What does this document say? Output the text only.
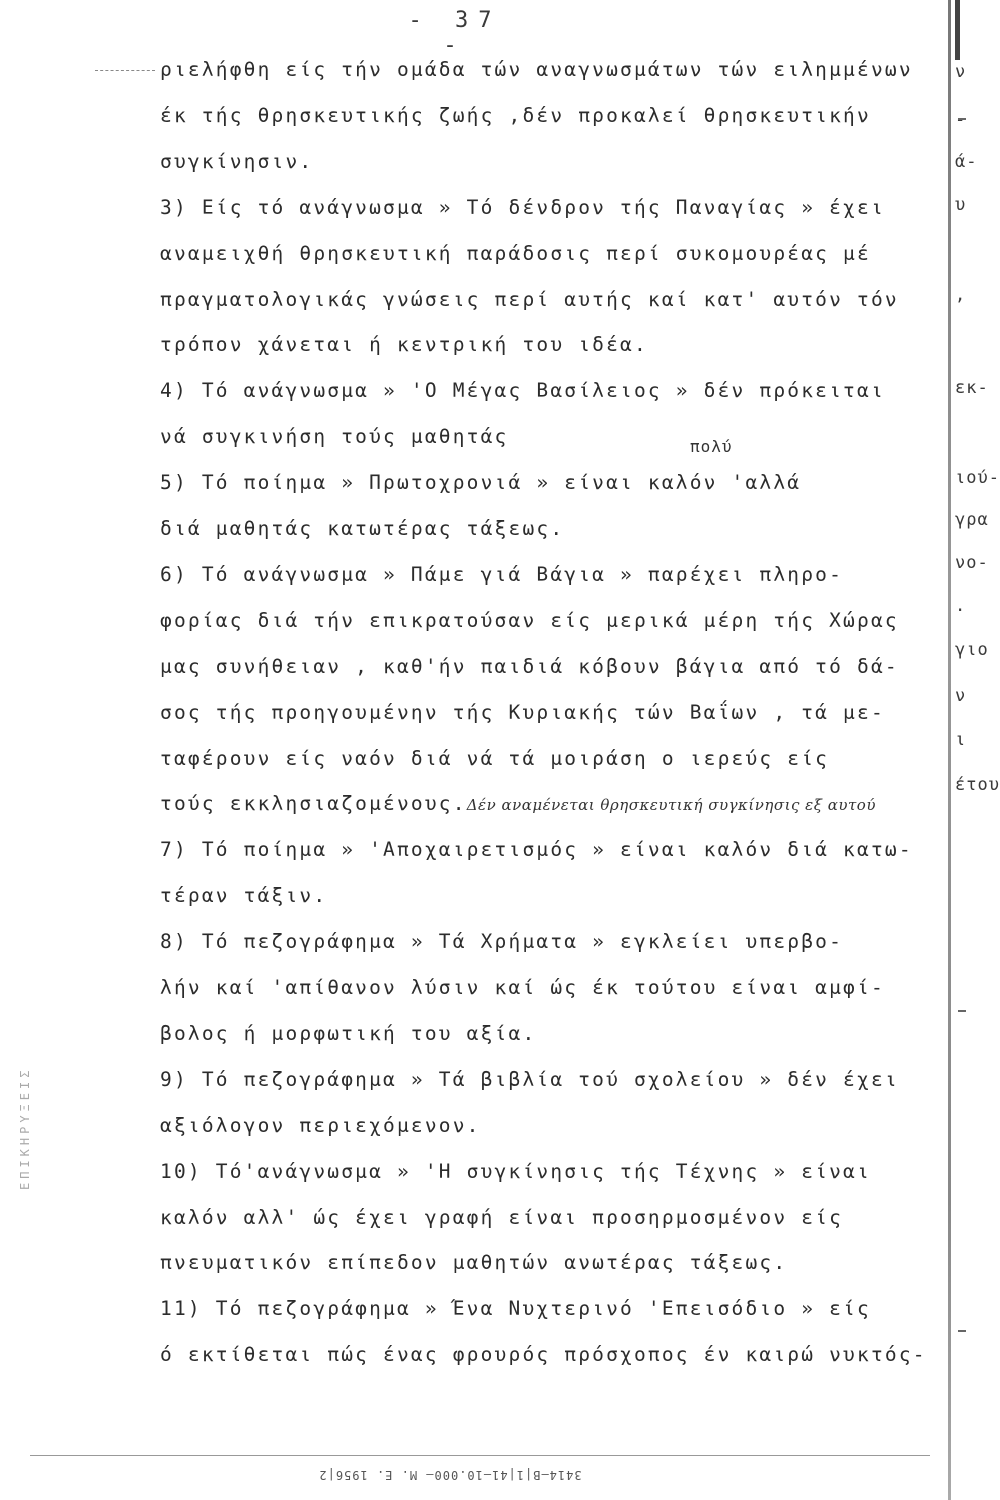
- 37 -
πολύ
ριελήφθη είς τήν ομάδα τών αναγνωσμάτων τών ειλημμένων
έκ τής θρησκευτικής ζωής ,δέν προκαλεί θρησκευτικήν
συγκίνησιν.
3) Είς τό ανάγνωσμα » Τό δένδρον τής Παναγίας » έχει
αναμειχθή θρησκευτική παράδοσις περί συκομουρέας μέ
πραγματολογικάς γνώσεις περί αυτής καί κατ' αυτόν τόν
τρόπον χάνεται ή κεντρική του ιδέα.
4) Τό ανάγνωσμα » 'Ο Μέγας Βασίλειος » δέν πρόκειται
νά συγκινήση τούς μαθητάς
5) Τό ποίημα » Πρωτοχρονιά » είναι καλόν 'αλλά
διά μαθητάς κατωτέρας τάξεως.
6) Τό ανάγνωσμα » Πάμε γιά Βάγια » παρέχει πληρο-
φορίας διά τήν επικρατούσαν είς μερικά μέρη τής Χώρας
μας συνήθειαν , καθ'ήν παιδιά κόβουν βάγια από τό δά-
σος τής προηγουμένην τής Κυριακής τών Βαΐων , τά με-
ταφέρουν είς ναόν διά νά τά μοιράση ο ιερεύς είς
τούς εκκλησιαζομένους.Δέν αναμένεται θρησκευτική συγκίνησις εξ αυτού
7) Τό ποίημα » 'Αποχαιρετισμός » είναι καλόν διά κατω-
τέραν τάξιν.
8) Τό πεζογράφημα » Τά Χρήματα » εγκλείει υπερβο-
λήν καί 'απίθανον λύσιν καί ώς έκ τούτου είναι αμφί-
βολος ή μορφωτική του αξία.
9) Τό πεζογράφημα » Τά βιβλία τού σχολείου » δέν έχει
αξιόλογον περιεχόμενον.
10) Τό'ανάγνωσμα » 'Η συγκίνησις τής Τέχνης » είναι
καλόν αλλ' ώς έχει γραφή είναι προσηρμοσμένον είς
πνευματικόν επίπεδον μαθητών ανωτέρας τάξεως.
11) Τό πεζογράφημα » Ένα Νυχτερινό 'Επεισόδιο » είς
ό εκτίθεται πώς ένας φρουρός πρόσχοπος έν καιρώ νυκτός-
ν
-
ά-
υ
,
εκ-
ιού-
γρα
νο-
.
γιο
ν
ι
έτου
3414—Β|1|41—10.000— Μ. Ε. 1956|2
ΕΠΙΚΗΡΥΞΕΙΣ
